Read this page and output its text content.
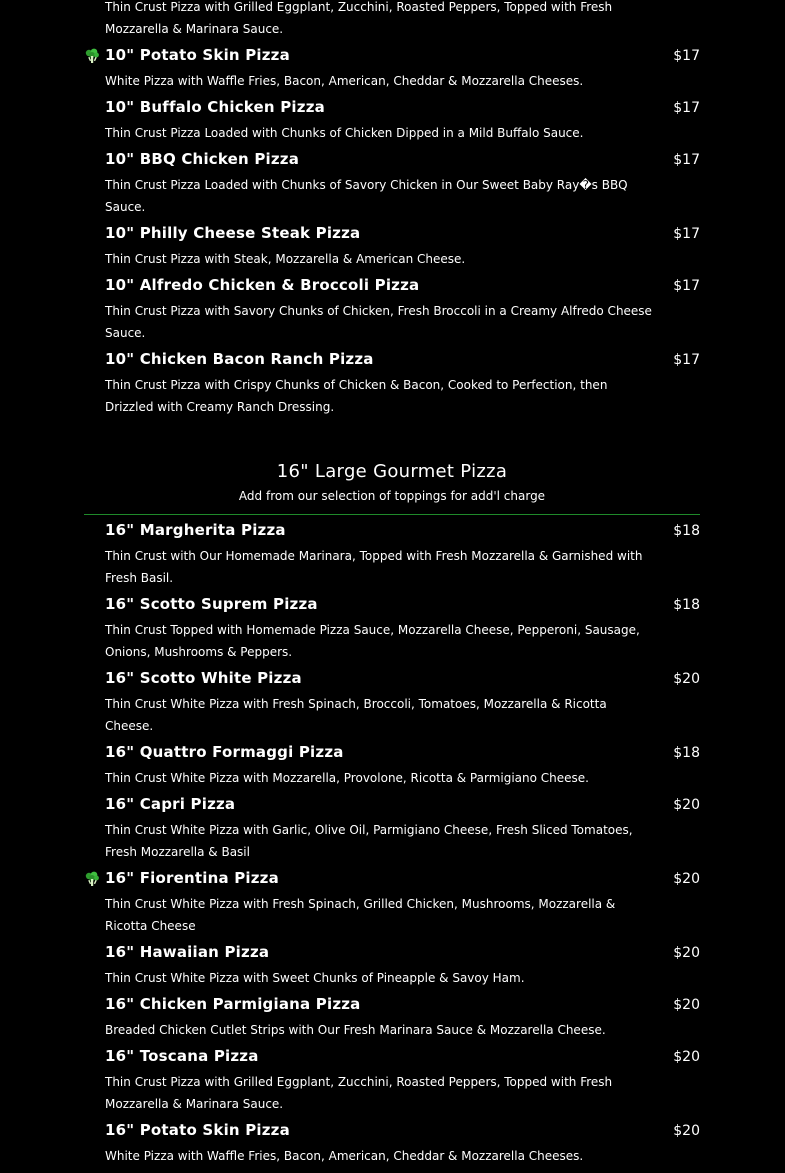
Thin Crust Pizza with Grilled Eggplant, Zucchini, Roasted Peppers, Topped with Fresh Mozzarella & Marinara Sauce.
10" Potato Skin Pizza	$17
White Pizza with Waffle Fries, Bacon, American, Cheddar & Mozzarella Cheeses.
10" Buffalo Chicken Pizza	$17
Thin Crust Pizza Loaded with Chunks of Chicken Dipped in a Mild Buffalo Sauce.
10" BBQ Chicken Pizza	$17
Thin Crust Pizza Loaded with Chunks of Savory Chicken in Our Sweet Baby Ray�s BBQ Sauce.
10" Philly Cheese Steak Pizza	$17
Thin Crust Pizza with Steak, Mozzarella & American Cheese.
10" Alfredo Chicken & Broccoli Pizza	$17
Thin Crust Pizza with Savory Chunks of Chicken, Fresh Broccoli in a Creamy Alfredo Cheese Sauce.
10" Chicken Bacon Ranch Pizza	$17
Thin Crust Pizza with Crispy Chunks of Chicken & Bacon, Cooked to Perfection, then Drizzled with Creamy Ranch Dressing.
16" Large Gourmet Pizza
Add from our selection of toppings for add'l charge
16" Margherita Pizza	$18
Thin Crust with Our Homemade Marinara, Topped with Fresh Mozzarella & Garnished with Fresh Basil.
16" Scotto Suprem Pizza	$18
Thin Crust Topped with Homemade Pizza Sauce, Mozzarella Cheese, Pepperoni, Sausage, Onions, Mushrooms & Peppers.
16" Scotto White Pizza	$20
Thin Crust White Pizza with Fresh Spinach, Broccoli, Tomatoes, Mozzarella & Ricotta Cheese.
16" Quattro Formaggi Pizza	$18
Thin Crust White Pizza with Mozzarella, Provolone, Ricotta & Parmigiano Cheese.
16" Capri Pizza	$20
Thin Crust White Pizza with Garlic, Olive Oil, Parmigiano Cheese, Fresh Sliced Tomatoes, Fresh Mozzarella & Basil
16" Fiorentina Pizza	$20
Thin Crust White Pizza with Fresh Spinach, Grilled Chicken, Mushrooms, Mozzarella & Ricotta Cheese
16" Hawaiian Pizza	$20
Thin Crust White Pizza with Sweet Chunks of Pineapple & Savoy Ham.
16" Chicken Parmigiana Pizza	$20
Breaded Chicken Cutlet Strips with Our Fresh Marinara Sauce & Mozzarella Cheese.
16" Toscana Pizza	$20
Thin Crust Pizza with Grilled Eggplant, Zucchini, Roasted Peppers, Topped with Fresh Mozzarella & Marinara Sauce.
16" Potato Skin Pizza	$20
White Pizza with Waffle Fries, Bacon, American, Cheddar & Mozzarella Cheeses.
